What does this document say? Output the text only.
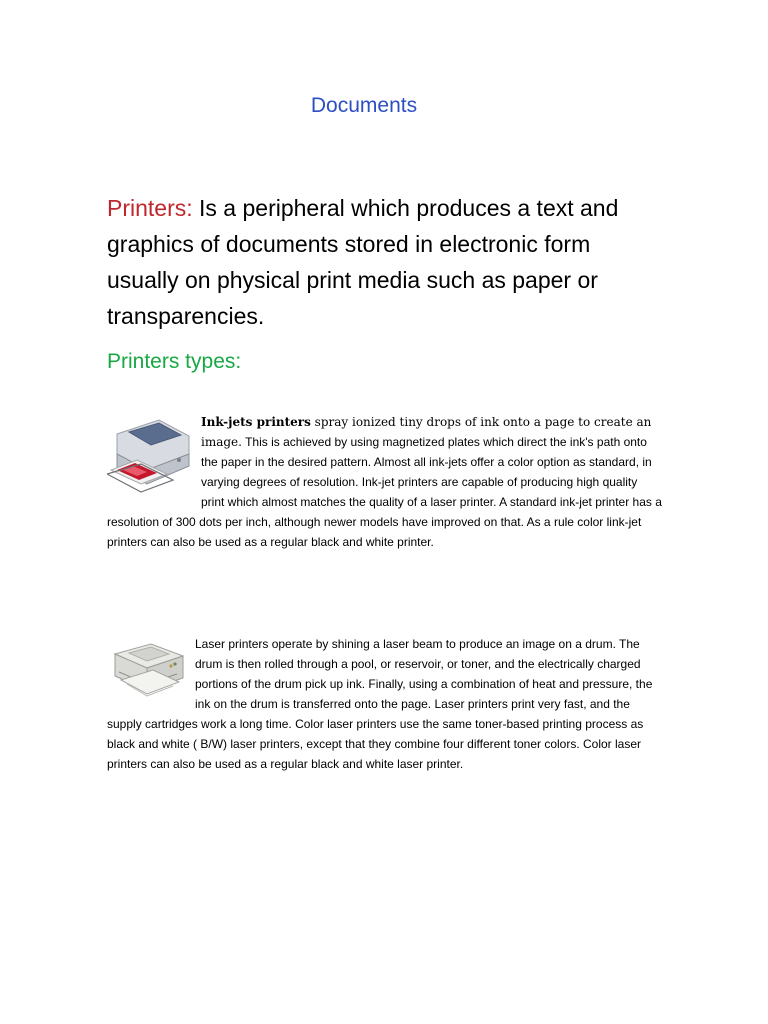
Documents

Printers: Is a peripheral which produces a text and graphics of documents stored in electronic form usually on physical print media such as paper or transparencies.

Printers types:

Ink-jets printers spray ionized tiny drops of ink onto a page to create an image. This is achieved by using magnetized plates which direct the ink's path onto the paper in the desired pattern. Almost all ink-jets offer a color option as standard, in varying degrees of resolution. Ink-jet printers are capable of producing high quality print which almost matches the quality of a laser printer. A standard ink-jet printer has a resolution of 300 dots per inch, although newer models have improved on that. As a rule color link-jet printers can also be used as a regular black and white printer.

Laser printers operate by shining a laser beam to produce an image on a drum. The drum is then rolled through a pool, or reservoir, or toner, and the electrically charged portions of the drum pick up ink. Finally, using a combination of heat and pressure, the ink on the drum is transferred onto the page. Laser printers print very fast, and the supply cartridges work a long time. Color laser printers use the same toner-based printing process as black and white ( B/W) laser printers, except that they combine four different toner colors. Color laser printers can also be used as a regular black and white laser printer.
